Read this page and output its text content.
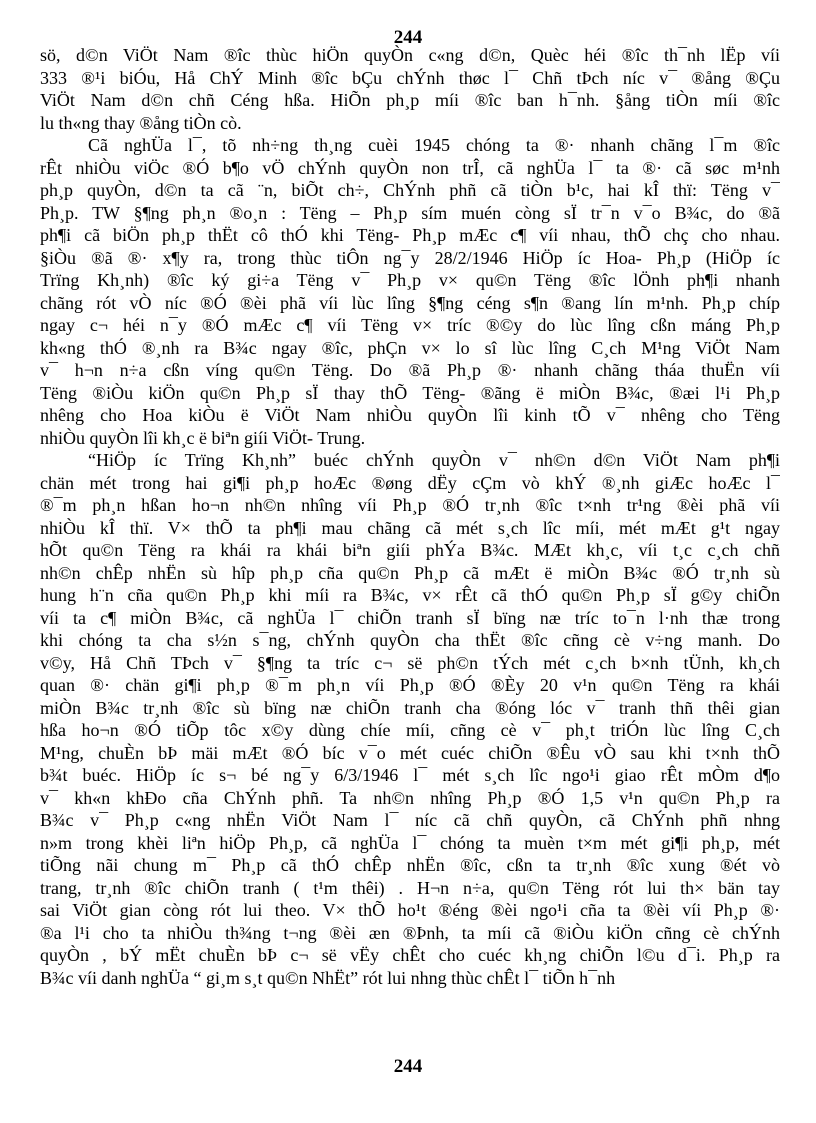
244
sö, d©n ViÖt Nam ®îc thùc hiÖn quyÒn c«ng d©n, Quèc héi ®îc th¯nh lËp víi
333 ®¹i biÓu, Hå ChÝ Minh ®îc bÇu chÝnh thøc l¯ Chñ tÞch níc v¯ ®ång ®Çu
ViÖt Nam d©n chñ Céng hßa. HiÕn ph¸p míi ®îc ban h¯nh. §ång tiÒn míi ®îc
lu th«ng thay ®ång tiÒn cò.
Cã nghÜa l¯, tõ nh÷ng th¸ng cuèi 1945 chóng ta ®· nhanh chãng l¯m ®îc
rÊt nhiÒu viÖc ®Ó b¶o vÖ chÝnh quyÒn non trÎ, cã nghÜa l¯ ta ®· cã søc m¹nh
ph¸p quyÒn, d©n ta cã ¨n, biÕt ch÷, ChÝnh phñ cã tiÒn b¹c, hai kÎ thï: Tëng v¯
Ph¸p. TW §¶ng ph¸n ®o¸n : Tëng – Ph¸p sím muén còng sÏ tr¯n v¯o B¾c, do ®ã
ph¶i cã biÖn ph¸p thËt cô thÓ khi Tëng- Ph¸p mÆc c¶ víi nhau, thÕ chç cho nhau.
§iÒu ®ã ®· x¶y ra, trong thùc tiÔn ng¯y 28/2/1946 HiÖp íc Hoa- Ph¸p (HiÖp íc
Trïng Kh¸nh) ®îc ký gi÷a Tëng v¯ Ph¸p v× qu©n Tëng ®îc lÖnh ph¶i nhanh
chãng rót vÒ níc ®Ó ®èi phã víi lùc lîng §¶ng céng s¶n ®ang lín m¹nh. Ph¸p chíp
ngay c¬ héi n¯y ®Ó mÆc c¶ víi Tëng v× tríc ®©y do lùc lîng cßn máng Ph¸p
kh«ng thÓ ®¸nh ra B¾c ngay ®îc, phÇn v× lo sî lùc lîng C¸ch M¹ng ViÖt Nam
v¯ h¬n n÷a cßn víng qu©n Tëng. Do ®ã Ph¸p ®· nhanh chãng tháa thuËn víi
Tëng ®iÒu kiÖn qu©n Ph¸p sÏ thay thÕ Tëng- ®ãng ë miÒn B¾c, ®æi l¹i Ph¸p
nhêng cho Hoa kiÒu ë ViÖt Nam nhiÒu quyÒn lîi kinh tÕ v¯ nhêng cho Tëng
nhiÒu quyÒn lîi kh¸c ë biªn giíi ViÖt- Trung.
“HiÖp íc Trïng Kh¸nh” buéc chÝnh quyÒn v¯ nh©n d©n ViÖt Nam ph¶i
chän mét trong hai gi¶i ph¸p hoÆc ®øng dËy cÇm vò khÝ ®¸nh giÆc hoÆc l¯
®¯m ph¸n hßan ho¬n nh©n nhîng víi Ph¸p ®Ó tr¸nh ®îc t×nh tr¹ng ®èi phã víi
nhiÒu kÎ thï. V× thÕ ta ph¶i mau chãng cã mét s¸ch lîc míi, mét mÆt g¹t ngay
hÕt qu©n Tëng ra khái ra khái biªn giíi phÝa B¾c. MÆt kh¸c, víi t¸c c¸ch chñ
nh©n chÊp nhËn sù hîp ph¸p cña qu©n Ph¸p cã mÆt ë miÒn B¾c ®Ó tr¸nh sù
hung h¨n cña qu©n Ph¸p khi míi ra B¾c, v× rÊt cã thÓ qu©n Ph¸p sÏ g©y chiÕn
víi ta c¶ miÒn B¾c, cã nghÜa l¯ chiÕn tranh sÏ bïng næ tríc to¯n l·nh thæ trong
khi chóng ta cha s½n s¯ng, chÝnh quyÒn cha thËt ®îc cñng cè v÷ng manh. Do
v©y, Hå Chñ TÞch v¯ §¶ng ta tríc c¬ së ph©n tÝch mét c¸ch b×nh tÜnh, kh¸ch
quan ®· chän gi¶i ph¸p ®¯m ph¸n víi Ph¸p ®Ó ®Èy 20 v¹n qu©n Tëng ra khái
miÒn B¾c tr¸nh ®îc sù bïng næ chiÕn tranh cha ®óng lóc v¯ tranh thñ thêi gian
hßa ho¬n ®Ó tiÕp tôc x©y dùng chíe míi, cñng cè v¯ ph¸t triÓn lùc lîng C¸ch
M¹ng, chuÈn bÞ mäi mÆt ®Ó bíc v¯o mét cuéc chiÕn ®Êu vÒ sau khi t×nh thÕ
b¾t buéc. HiÖp íc s¬ bé ng¯y 6/3/1946 l¯ mét s¸ch lîc ngo¹i giao rÊt mÒm d¶o
v¯ kh«n khÐo cña ChÝnh phñ. Ta nh©n nhîng Ph¸p ®Ó 1,5 v¹n qu©n Ph¸p ra
B¾c v¯ Ph¸p c«ng nhËn ViÖt Nam l¯ níc cã chñ quyÒn, cã ChÝnh phñ nhng
n»m trong khèi liªn hiÖp Ph¸p, cã nghÜa l¯ chóng ta muèn t×m mét gi¶i ph¸p, mét
tiÕng nãi chung m¯ Ph¸p cã thÓ chÊp nhËn ®îc, cßn ta tr¸nh ®îc xung ®ét vò
trang, tr¸nh ®îc chiÕn tranh ( t¹m thêi) . H¬n n÷a, qu©n Tëng rót lui th× bän tay
sai ViÖt gian còng rót lui theo. V× thÕ ho¹t ®éng ®èi ngo¹i cña ta ®èi víi Ph¸p ®·
®a l¹i cho ta nhiÒu th¾ng t¬ng ®èi æn ®Þnh, ta míi cã ®iÒu kiÖn cñng cè chÝnh
quyÒn , bÝ mËt chuÈn bÞ c¬ së vËy chÊt cho cuéc kh¸ng chiÕn l©u d¯i. Ph¸p ra
B¾c víi danh nghÜa “ gi¸m s¸t qu©n NhËt” rót lui nhng thùc chÊt l¯ tiÕn h¯nh
244
